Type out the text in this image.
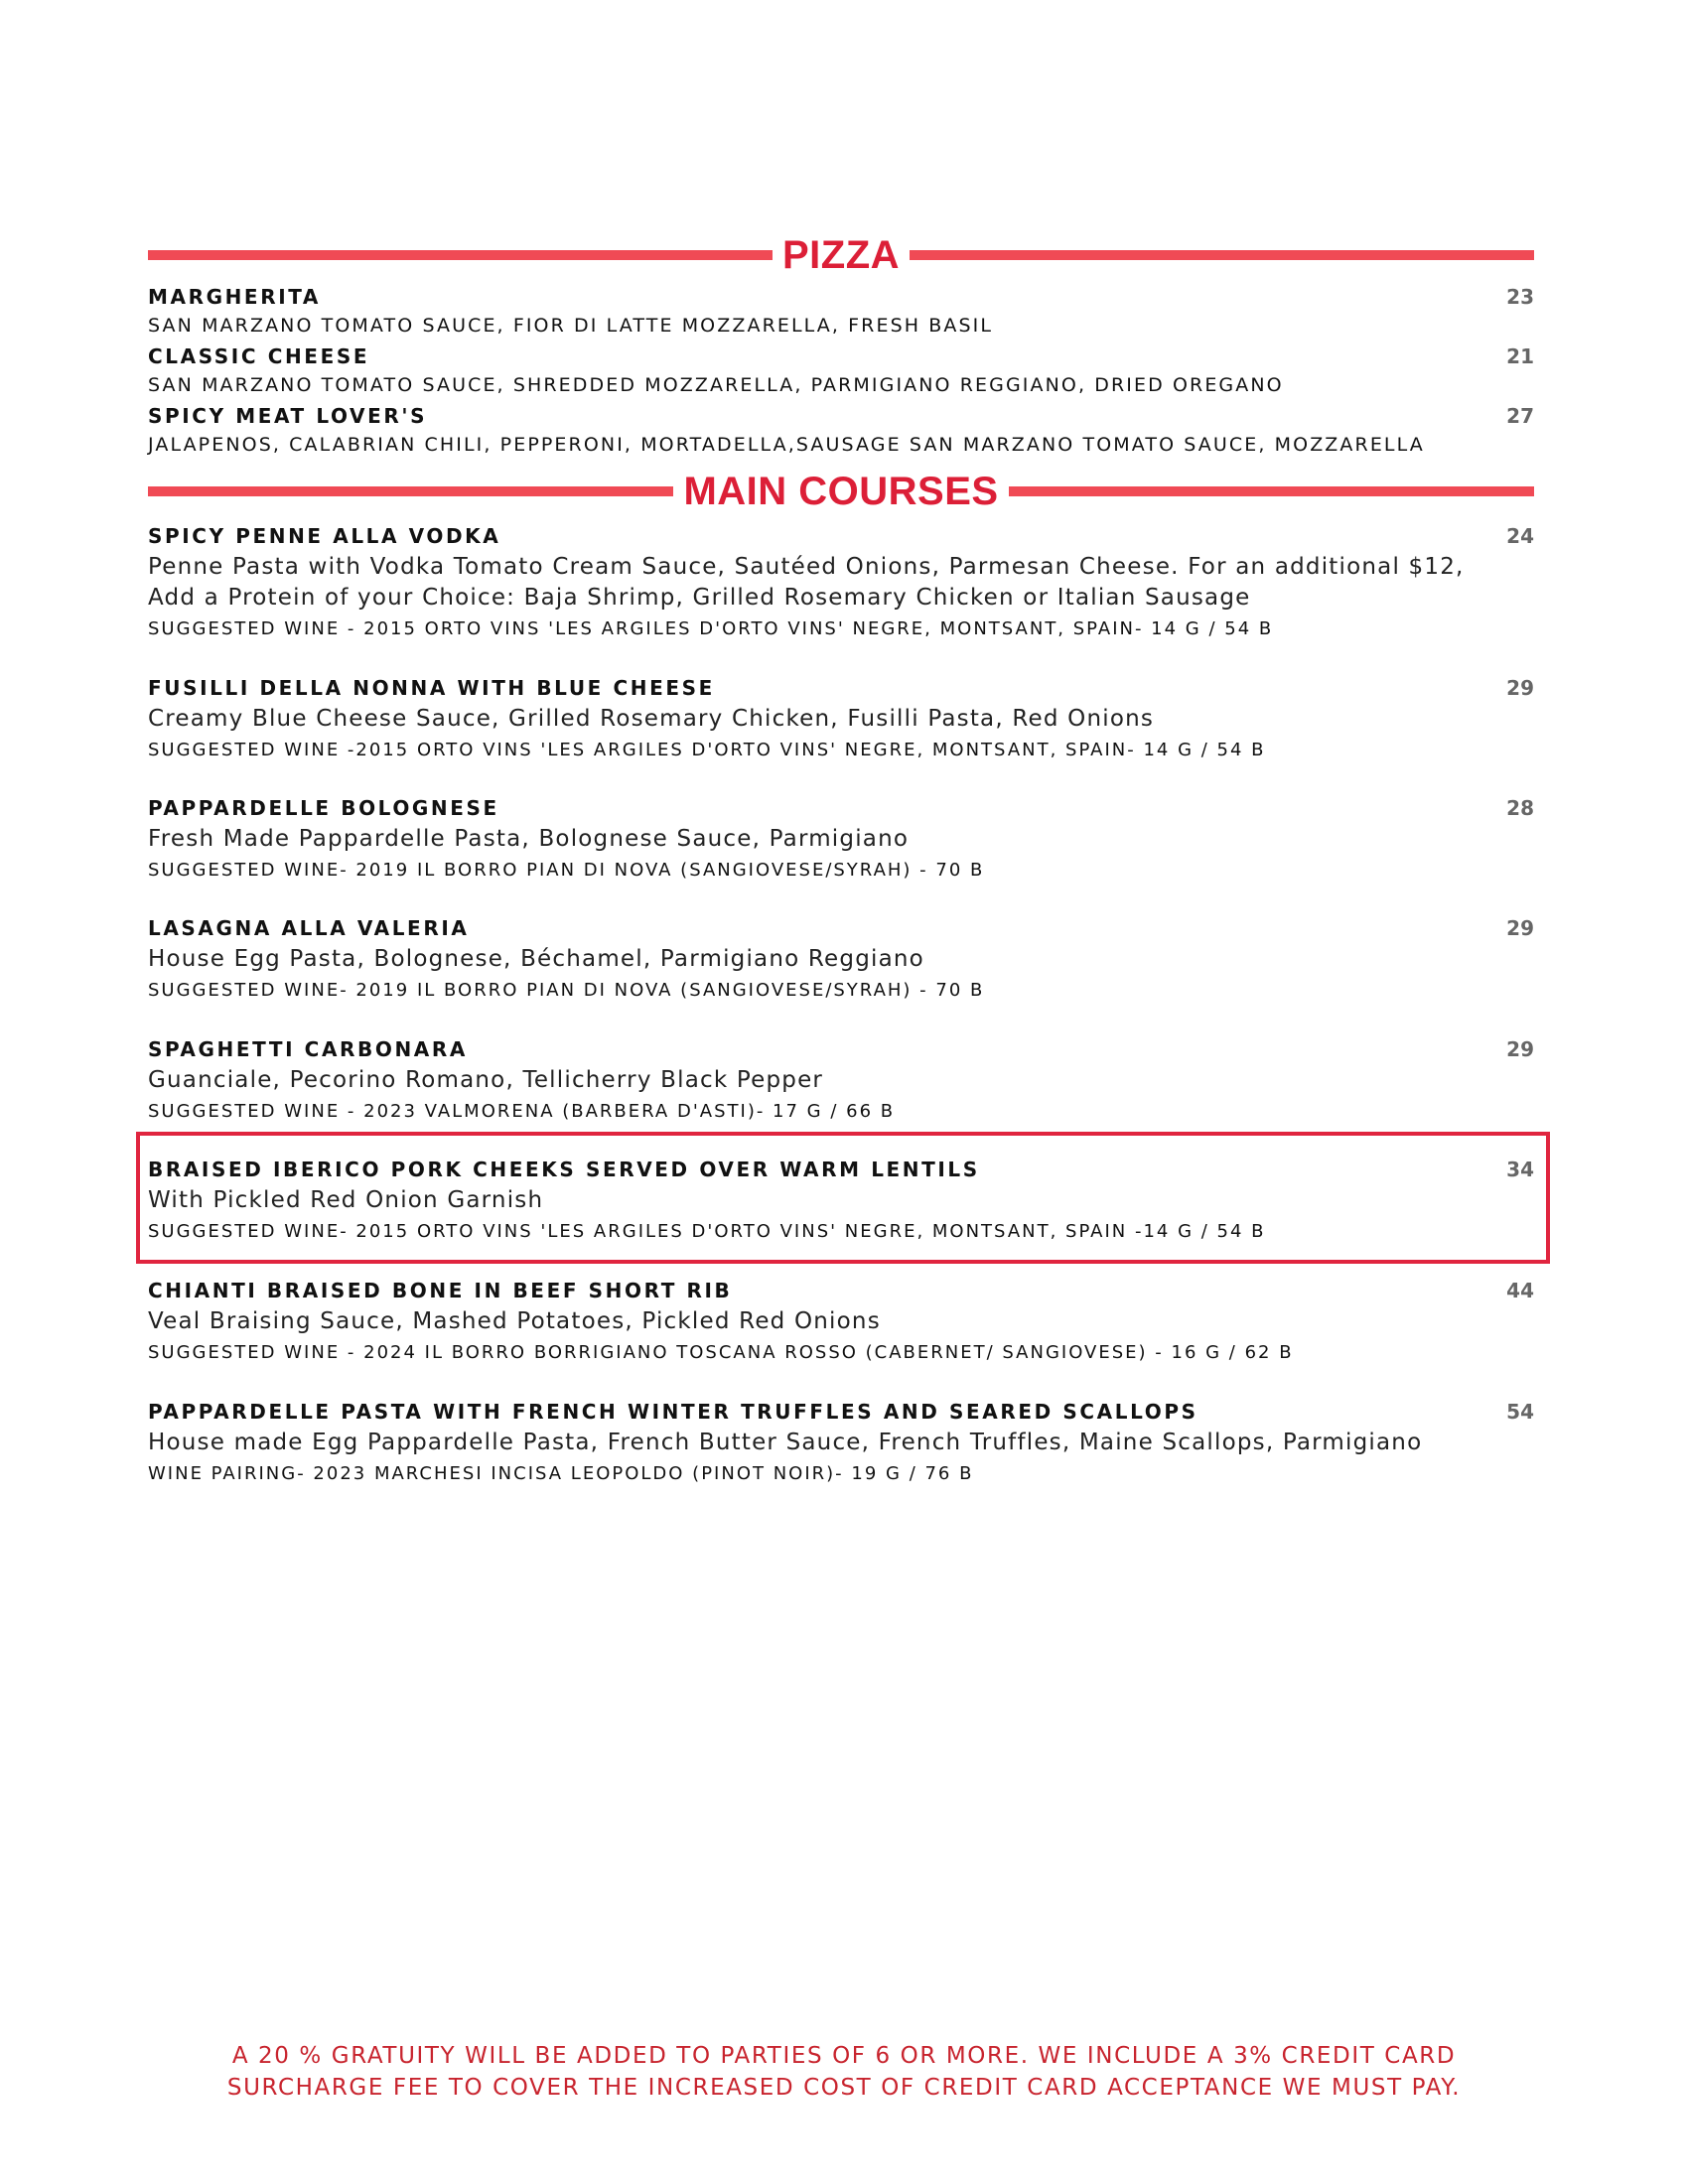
PIZZA
MARGHERITA	23
SAN MARZANO TOMATO SAUCE, FIOR DI LATTE MOZZARELLA, FRESH BASIL
CLASSIC CHEESE	21
SAN MARZANO TOMATO SAUCE, SHREDDED MOZZARELLA, PARMIGIANO REGGIANO, DRIED OREGANO
SPICY MEAT LOVER'S	27
JALAPENOS, CALABRIAN CHILI, PEPPERONI, MORTADELLA,SAUSAGE SAN MARZANO TOMATO SAUCE, MOZZARELLA
MAIN COURSES
SPICY PENNE ALLA VODKA	24
Penne Pasta with Vodka Tomato Cream Sauce, Sautéed Onions, Parmesan Cheese. For an additional $12,
Add a Protein of your Choice: Baja Shrimp, Grilled Rosemary Chicken or Italian Sausage
SUGGESTED WINE - 2015 ORTO VINS 'LES ARGILES D'ORTO VINS' NEGRE, MONTSANT, SPAIN- 14 G / 54 B
FUSILLI DELLA NONNA WITH BLUE CHEESE	29
Creamy Blue Cheese Sauce, Grilled Rosemary Chicken, Fusilli Pasta, Red Onions
SUGGESTED WINE -2015 ORTO VINS 'LES ARGILES D'ORTO VINS' NEGRE, MONTSANT, SPAIN- 14 G / 54 B
PAPPARDELLE BOLOGNESE	28
Fresh Made Pappardelle Pasta, Bolognese Sauce, Parmigiano
SUGGESTED WINE- 2019 IL BORRO PIAN DI NOVA (SANGIOVESE/SYRAH) - 70 B
LASAGNA ALLA VALERIA	29
House Egg Pasta, Bolognese, Béchamel, Parmigiano Reggiano
SUGGESTED WINE- 2019 IL BORRO PIAN DI NOVA (SANGIOVESE/SYRAH) - 70 B
SPAGHETTI CARBONARA	29
Guanciale, Pecorino Romano, Tellicherry Black Pepper
SUGGESTED WINE - 2023 VALMORENA (BARBERA D'ASTI)- 17 G / 66 B
BRAISED IBERICO PORK CHEEKS SERVED OVER WARM LENTILS	34
With Pickled Red Onion Garnish
SUGGESTED WINE- 2015 ORTO VINS 'LES ARGILES D'ORTO VINS' NEGRE, MONTSANT, SPAIN -14 G / 54 B
CHIANTI BRAISED BONE IN BEEF SHORT RIB	44
Veal Braising Sauce, Mashed Potatoes, Pickled Red Onions
SUGGESTED WINE - 2024 IL BORRO BORRIGIANO TOSCANA ROSSO (CABERNET/ SANGIOVESE) - 16 G / 62 B
PAPPARDELLE PASTA WITH FRENCH WINTER TRUFFLES AND SEARED SCALLOPS	54
House made Egg Pappardelle Pasta, French Butter Sauce, French Truffles, Maine Scallops, Parmigiano
WINE PAIRING- 2023 MARCHESI INCISA LEOPOLDO (PINOT NOIR)- 19 G / 76 B
A 20 % GRATUITY WILL BE ADDED TO PARTIES OF 6 OR MORE. WE INCLUDE A 3% CREDIT CARD
SURCHARGE FEE TO COVER THE INCREASED COST OF CREDIT CARD ACCEPTANCE WE MUST PAY.
